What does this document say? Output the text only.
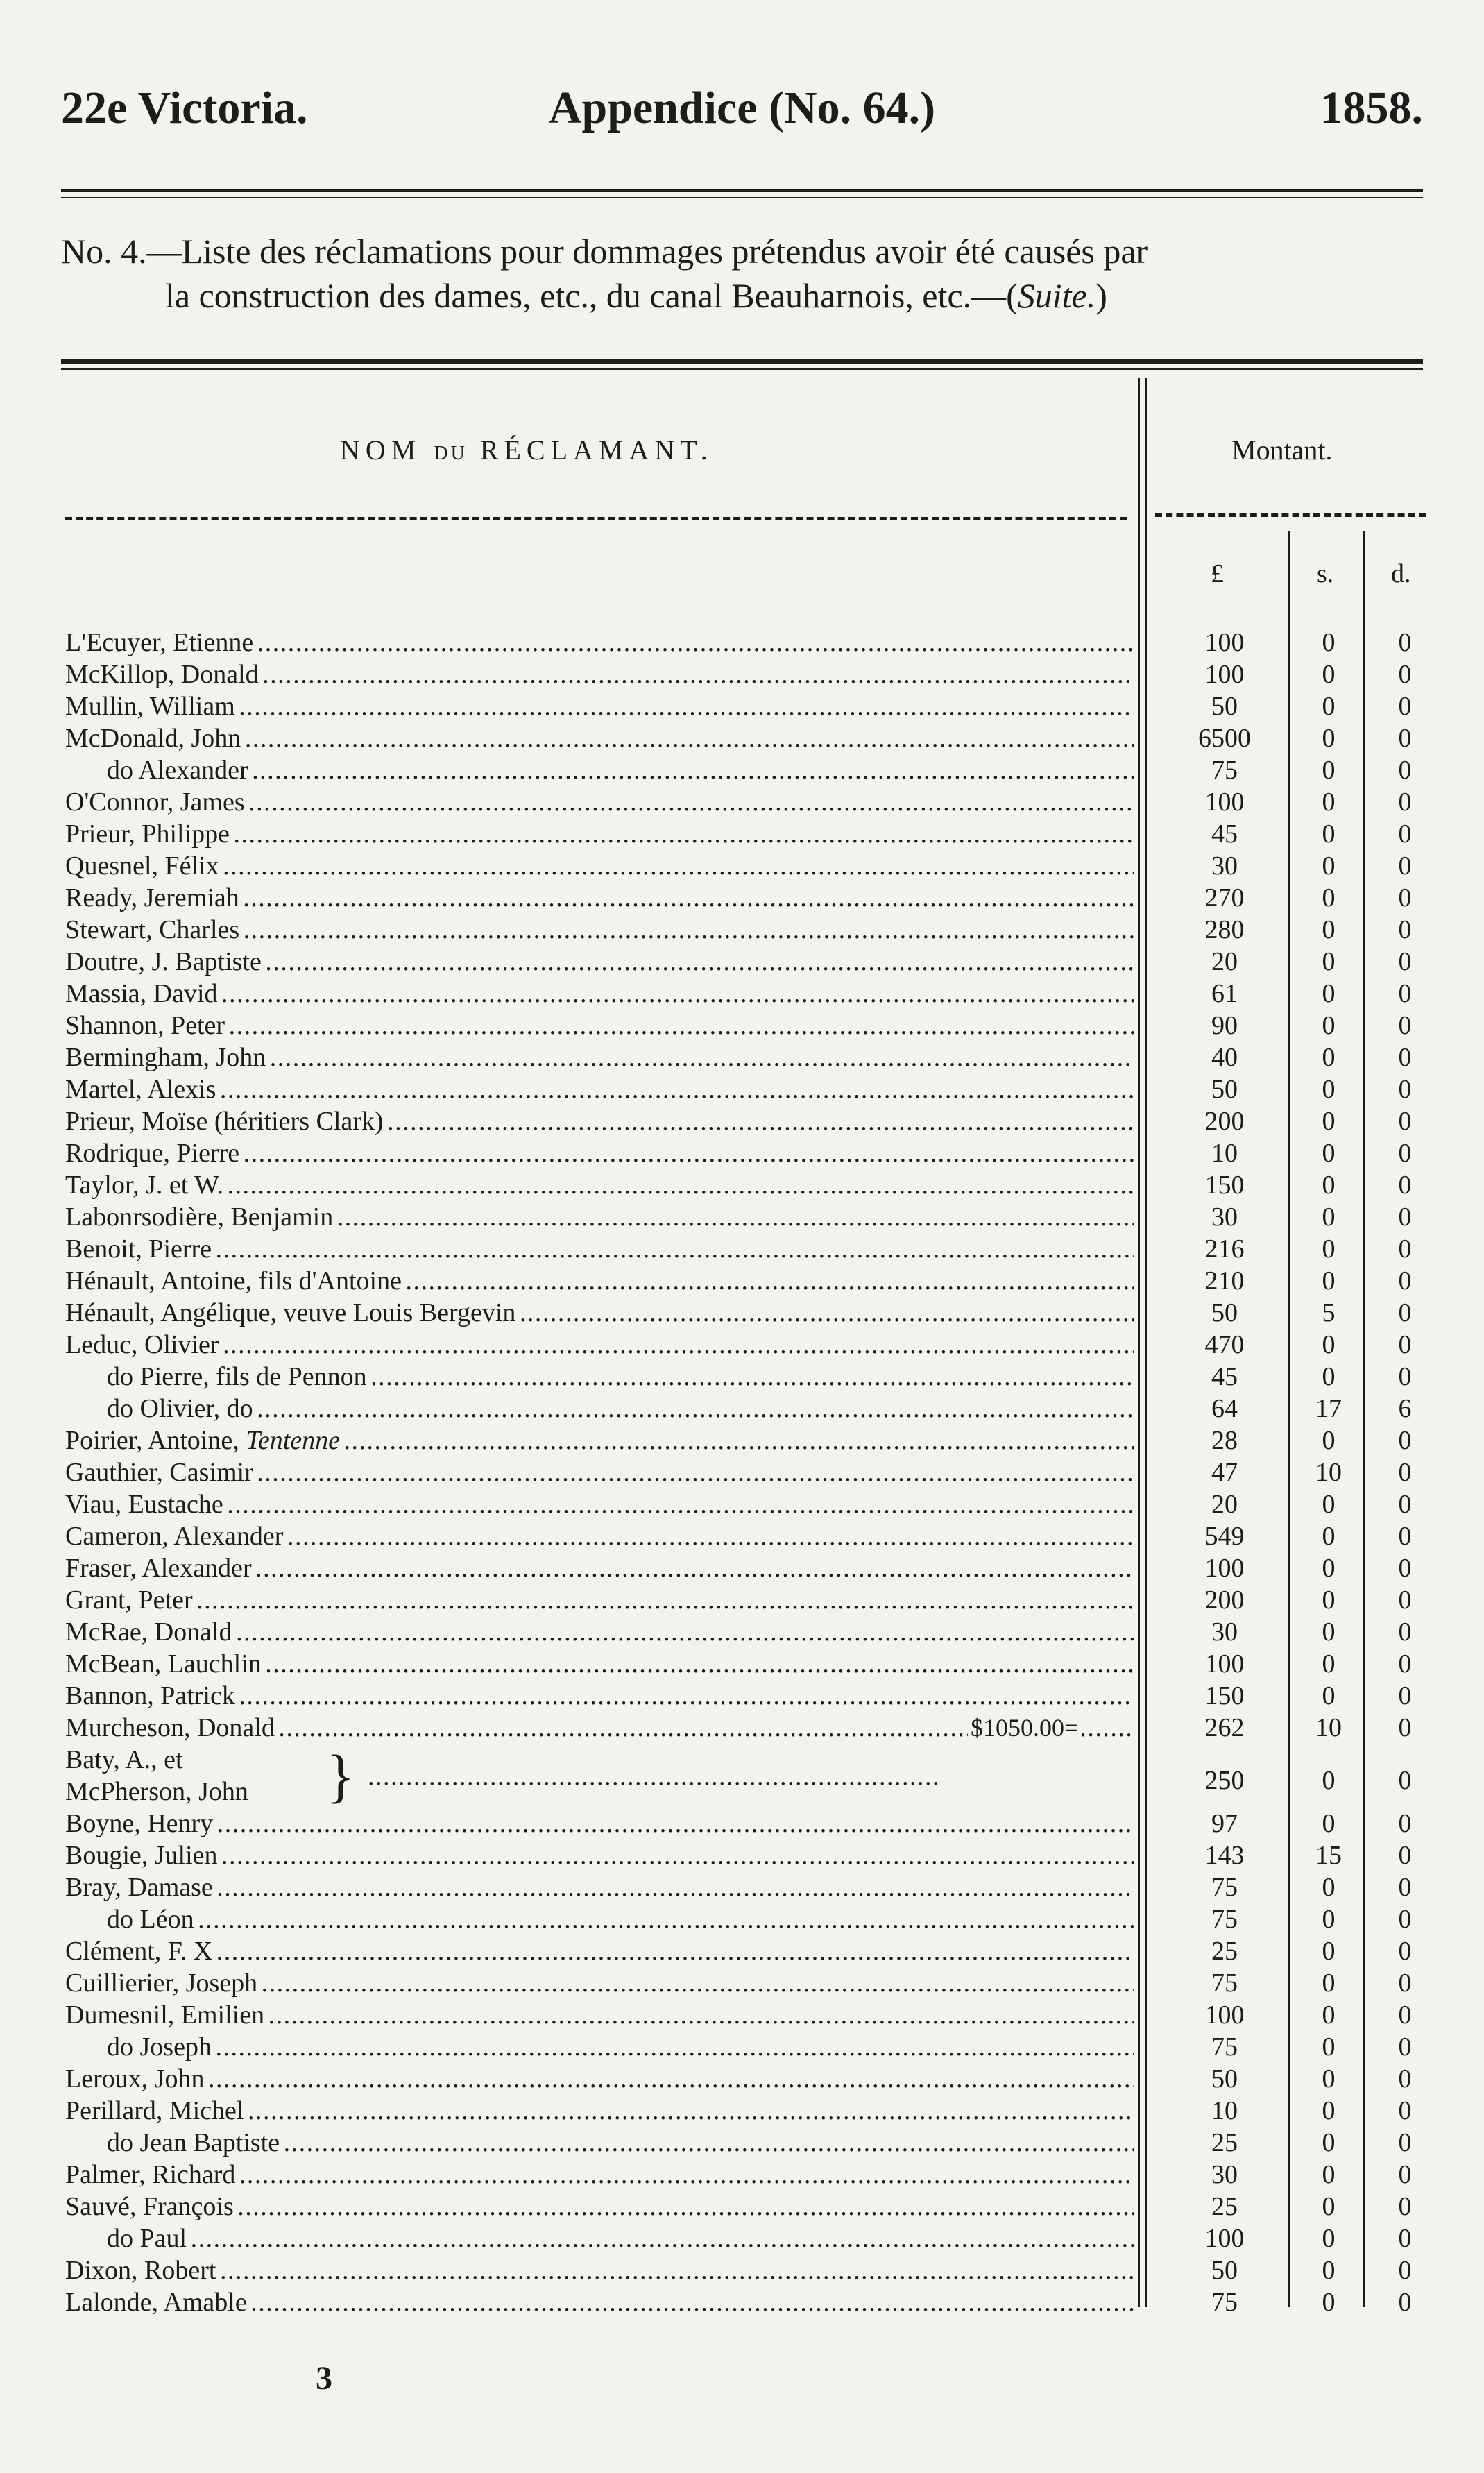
22e Victoria.	Appendice (No. 64.)	1858.
No. 4.—Liste des réclamations pour dommages prétendus avoir été causés par
la construction des dames, etc., du canal Beauharnois, etc.—(Suite.)
NOM DU RÉCLAMANT.	Montant.
£	s. d.
L'Ecuyer, Etienne . . .	100	0	0
McKillop, Donald . . .	100	0	0
Mullin, William . . .	50	0	0
McDonald, John . . .	6500	0	0
do Alexander . . .	75	0	0
O'Connor, James . . .	100	0	0
Prieur, Philippe . . .	45	0	0
Quesnel, Félix . . .	30	0	0
Ready, Jeremiah . . .	270	0	0
Stewart, Charles . . .	280	0	0
Doutre, J. Baptiste . . .	20	0	0
Massia, David . . .	61	0	0
Shannon, Peter . . .	90	0	0
Bermingham, John . . .	40	0	0
Martel, Alexis . . .	50	0	0
Prieur, Moïse (héritiers Clark) . . .	200	0	0
Rodrique, Pierre . . .	10	0	0
Taylor, J. et W. . . .	150	0	0
Labonrsodière, Benjamin . . .	30	0	0
Benoit, Pierre . . .	216	0	0
Hénault, Antoine, fils d'Antoine . . .	210	0	0
Hénault, Angélique, veuve Louis Bergevin . . .	50	5	0
Leduc, Olivier . . .	470	0	0
do Pierre, fils de Pennon . . .	45	0	0
do Olivier, do . . .	64	17	6
Poirier, Antoine, Tentenne . . .	28	0	0
Gauthier, Casimir . . .	47	10	0
Viau, Eustache . . .	20	0	0
Cameron, Alexander . . .	549	0	0
Fraser, Alexander . . .	100	0	0
Grant, Peter . . .	200	0	0
McRae, Donald . . .	30	0	0
McBean, Lauchlin . . .	100	0	0
Bannon, Patrick . . .	150	0	0
Murcheson, Donald . . .	$1050.00=	262	10	0
} . . . . . . . . . . . . . . . . . . . . . . . . . . . . . . . . . . . . . . . . . . . . . . . . . . . . . . . . . . . . . . . . . . . . . . . . . . .
Baty, A., et
McPherson, John	250	0	0
Boyne, Henry . . .	97	0	0
Bougie, Julien . . .	143	15	0
Bray, Damase . . .	75	0	0
do Léon . . .	75	0	0
Clément, F. X . . .	25	0	0
Cuillierier, Joseph . . .	75	0	0
Dumesnil, Emilien . . .	100	0	0
do Joseph . . .	75	0	0
Leroux, John . . .	50	0	0
Perillard, Michel . . .	10	0	0
do Jean Baptiste . . .	25	0	0
Palmer, Richard . . .	30	0	0
Sauvé, François . . .	25	0	0
do Paul . . .	100	0	0
Dixon, Robert . . .	50	0	0
Lalonde, Amable . . .	75	0	0
3
